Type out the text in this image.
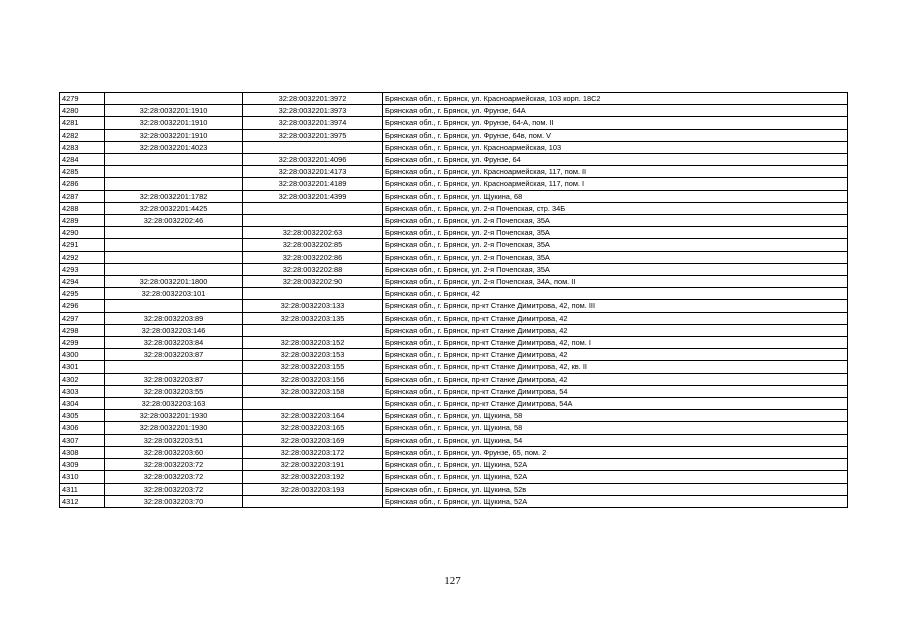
4279		32:28:0032201:3972	Брянская обл., г. Брянск, ул. Красноармейская, 103 корп. 18С2
4280	32:28:0032201:1910	32:28:0032201:3973	Брянская обл., г. Брянск, ул. Фрунзе, 64А
4281	32:28:0032201:1910	32:28:0032201:3974	Брянская обл., г. Брянск, ул. Фрунзе, 64-А, пом. II
4282	32:28:0032201:1910	32:28:0032201:3975	Брянская обл., г. Брянск, ул. Фрунзе, 64в, пом. V
4283	32:28:0032201:4023		Брянская обл., г. Брянск, ул. Красноармейская, 103
4284		32:28:0032201:4096	Брянская обл., г. Брянск, ул. Фрунзе, 64
4285		32:28:0032201:4173	Брянская обл., г. Брянск, ул. Красноармейская, 117, пом. II
4286		32:28:0032201:4189	Брянская обл., г. Брянск, ул. Красноармейская, 117, пом. I
4287	32:28:0032201:1782	32:28:0032201:4399	Брянская обл., г. Брянск, ул. Щукина, 68
4288	32:28:0032201:4425		Брянская обл., г. Брянск, ул. 2-я Почепская, стр. 34Б
4289	32:28:0032202:46		Брянская обл., г. Брянск, ул. 2-я Почепская, 35А
4290		32:28:0032202:63	Брянская обл., г. Брянск, ул. 2-я Почепская, 35А
4291		32:28:0032202:85	Брянская обл., г. Брянск, ул. 2-я Почепская, 35А
4292		32:28:0032202:86	Брянская обл., г. Брянск, ул. 2-я Почепская, 35А
4293		32:28:0032202:88	Брянская обл., г. Брянск, ул. 2-я Почепская, 35А
4294	32:28:0032201:1800	32:28:0032202:90	Брянская обл., г. Брянск, ул. 2-я Почепская, 34А, пом. II
4295	32:28:0032203:101		Брянская обл., г. Брянск, 42
4296		32:28:0032203:133	Брянская обл., г. Брянск, пр-кт Станке Димитрова, 42, пом. III
4297	32:28:0032203:89	32:28:0032203:135	Брянская обл., г. Брянск, пр-кт Станке Димитрова, 42
4298	32:28:0032203:146		Брянская обл., г. Брянск, пр-кт Станке Димитрова, 42
4299	32:28:0032203:84	32:28:0032203:152	Брянская обл., г. Брянск, пр-кт Станке Димитрова, 42, пом. I
4300	32:28:0032203:87	32:28:0032203:153	Брянская обл., г. Брянск, пр-кт Станке Димитрова, 42
4301		32:28:0032203:155	Брянская обл., г. Брянск, пр-кт Станке Димитрова, 42, кв. II
4302	32:28:0032203:87	32:28:0032203:156	Брянская обл., г. Брянск, пр-кт Станке Димитрова, 42
4303	32:28:0032203:55	32:28:0032203:158	Брянская обл., г. Брянск, пр-кт Станке Димитрова, 54
4304	32:28:0032203:163		Брянская обл., г. Брянск, пр-кт Станке Димитрова, 54А
4305	32:28:0032201:1930	32:28:0032203:164	Брянская обл., г. Брянск, ул. Щукина, 58
4306	32:28:0032201:1930	32:28:0032203:165	Брянская обл., г. Брянск, ул. Щукина, 58
4307	32:28:0032203:51	32:28:0032203:169	Брянская обл., г. Брянск, ул. Щукина, 54
4308	32:28:0032203:60	32:28:0032203:172	Брянская обл., г. Брянск, ул. Фрунзе, 65, пом. 2
4309	32:28:0032203:72	32:28:0032203:191	Брянская обл., г. Брянск, ул. Щукина, 52А
4310	32:28:0032203:72	32:28:0032203:192	Брянская обл., г. Брянск, ул. Щукина, 52А
4311	32:28:0032203:72	32:28:0032203:193	Брянская обл., г. Брянск, ул. Щукина, 52в
4312	32:28:0032203:70		Брянская обл., г. Брянск, ул. Щукина, 52А
127
